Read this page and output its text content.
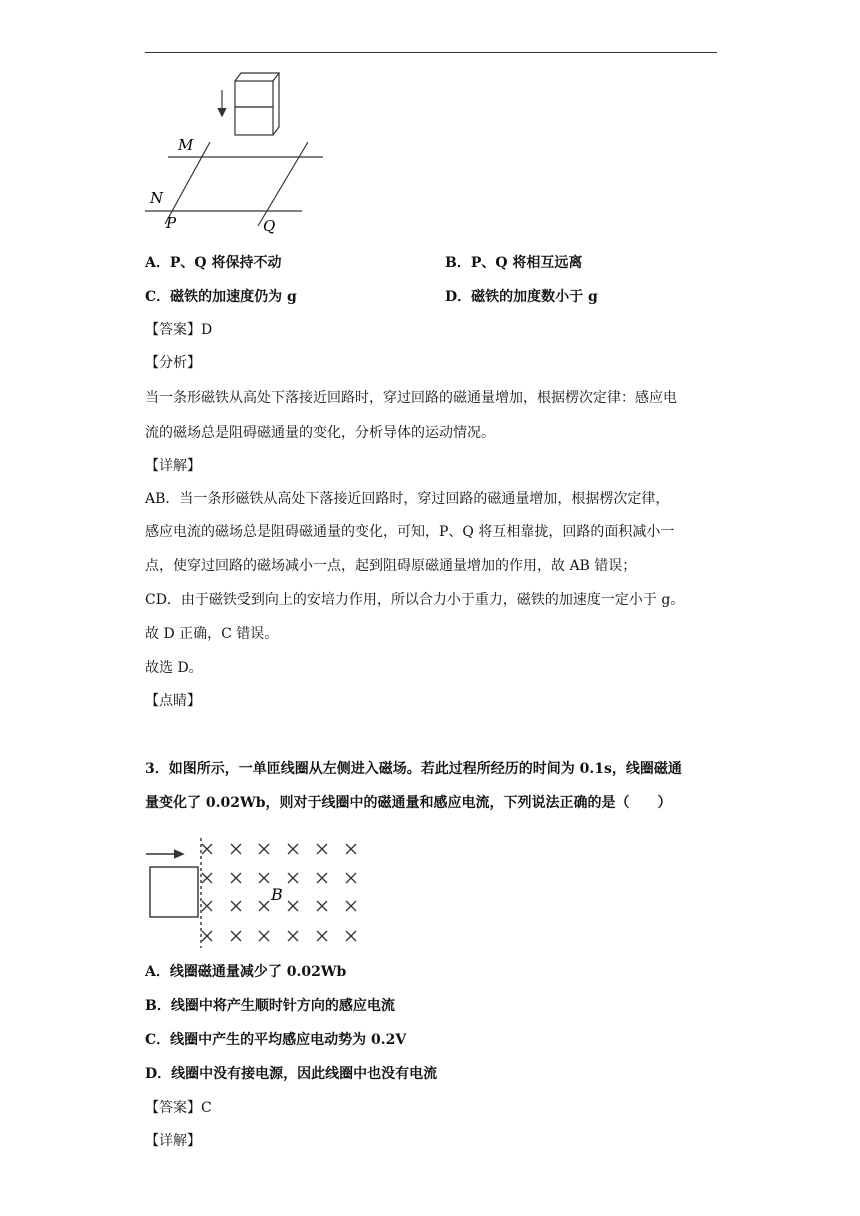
M
N
P	Q
A．P、Q 将保持不动	B．P、Q 将相互远离
C．磁铁的加速度仍为 g	D．磁铁的加度数小于 g
【答案】D
【分析】
当一条形磁铁从高处下落接近回路时，穿过回路的磁通量增加，根据楞次定律：感应电
流的磁场总是阻碍磁通量的变化，分析导体的运动情况。
【详解】
AB．当一条形磁铁从高处下落接近回路时，穿过回路的磁通量增加，根据楞次定律，
感应电流的磁场总是阻碍磁通量的变化，可知，P、Q 将互相靠拢，回路的面积减小一
点，使穿过回路的磁场减小一点，起到阻碍原磁通量增加的作用，故 AB 错误；
CD．由于磁铁受到向上的安培力作用，所以合力小于重力，磁铁的加速度一定小于 g。
故 D 正确，C 错误。
故选 D。
【点睛】
3．如图所示，一单匝线圈从左侧进入磁场。若此过程所经历的时间为 0.1s，线圈磁通
量变化了 0.02Wb，则对于线圈中的磁通量和感应电流，下列说法正确的是（　　）
B
A．线圈磁通量减少了 0.02Wb
B．线圈中将产生顺时针方向的感应电流
C．线圈中产生的平均感应电动势为 0.2V
D．线圈中没有接电源，因此线圈中也没有电流
【答案】C
【详解】
